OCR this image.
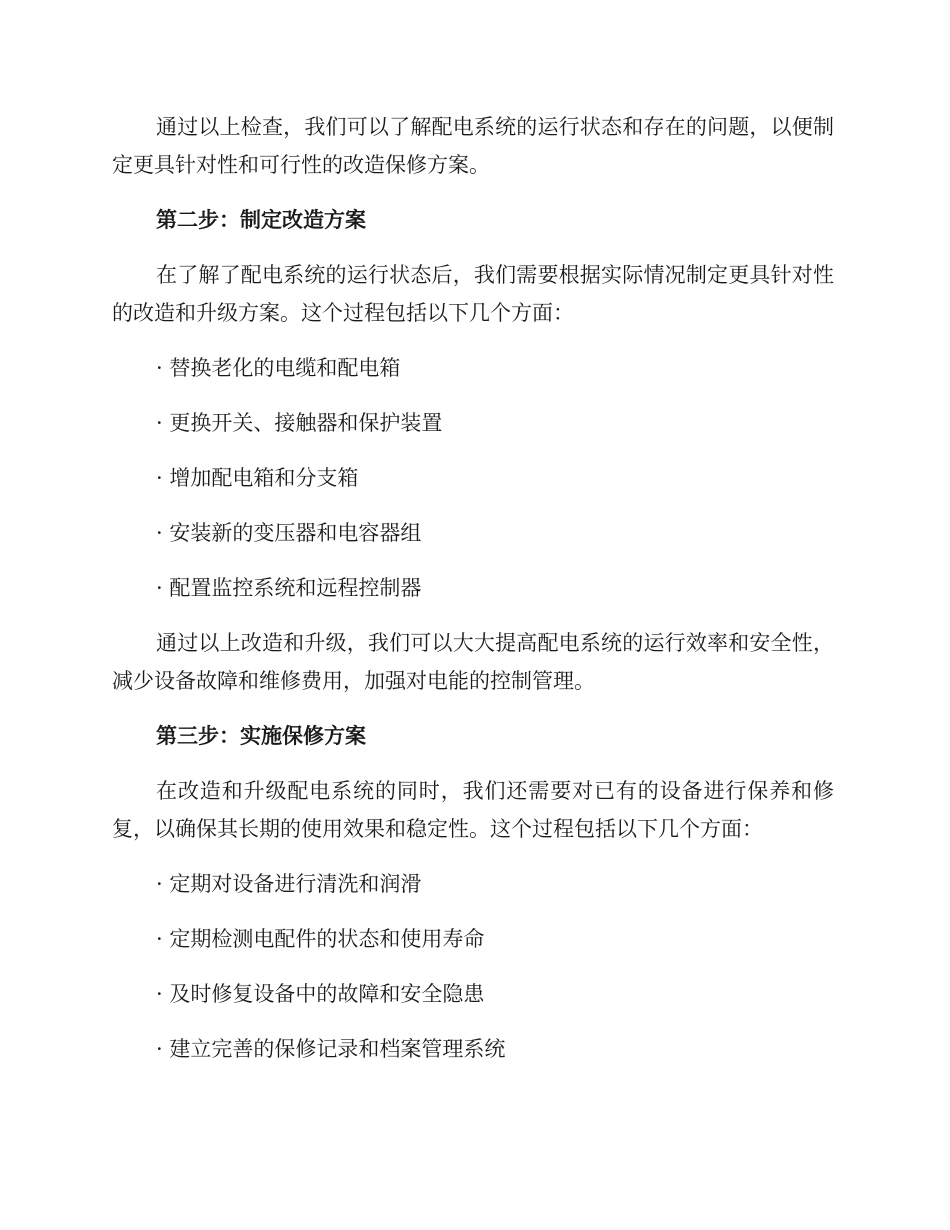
通过以上检查，我们可以了解配电系统的运行状态和存在的问题，以便制定更具针对性和可行性的改造保修方案。

第二步：制定改造方案

在了解了配电系统的运行状态后，我们需要根据实际情况制定更具针对性的改造和升级方案。这个过程包括以下几个方面：

· 替换老化的电缆和配电箱

· 更换开关、接触器和保护装置

· 增加配电箱和分支箱

· 安装新的变压器和电容器组

· 配置监控系统和远程控制器

通过以上改造和升级，我们可以大大提高配电系统的运行效率和安全性，减少设备故障和维修费用，加强对电能的控制管理。

第三步：实施保修方案

在改造和升级配电系统的同时，我们还需要对已有的设备进行保养和修复，以确保其长期的使用效果和稳定性。这个过程包括以下几个方面：

· 定期对设备进行清洗和润滑

· 定期检测电配件的状态和使用寿命

· 及时修复设备中的故障和安全隐患

· 建立完善的保修记录和档案管理系统
